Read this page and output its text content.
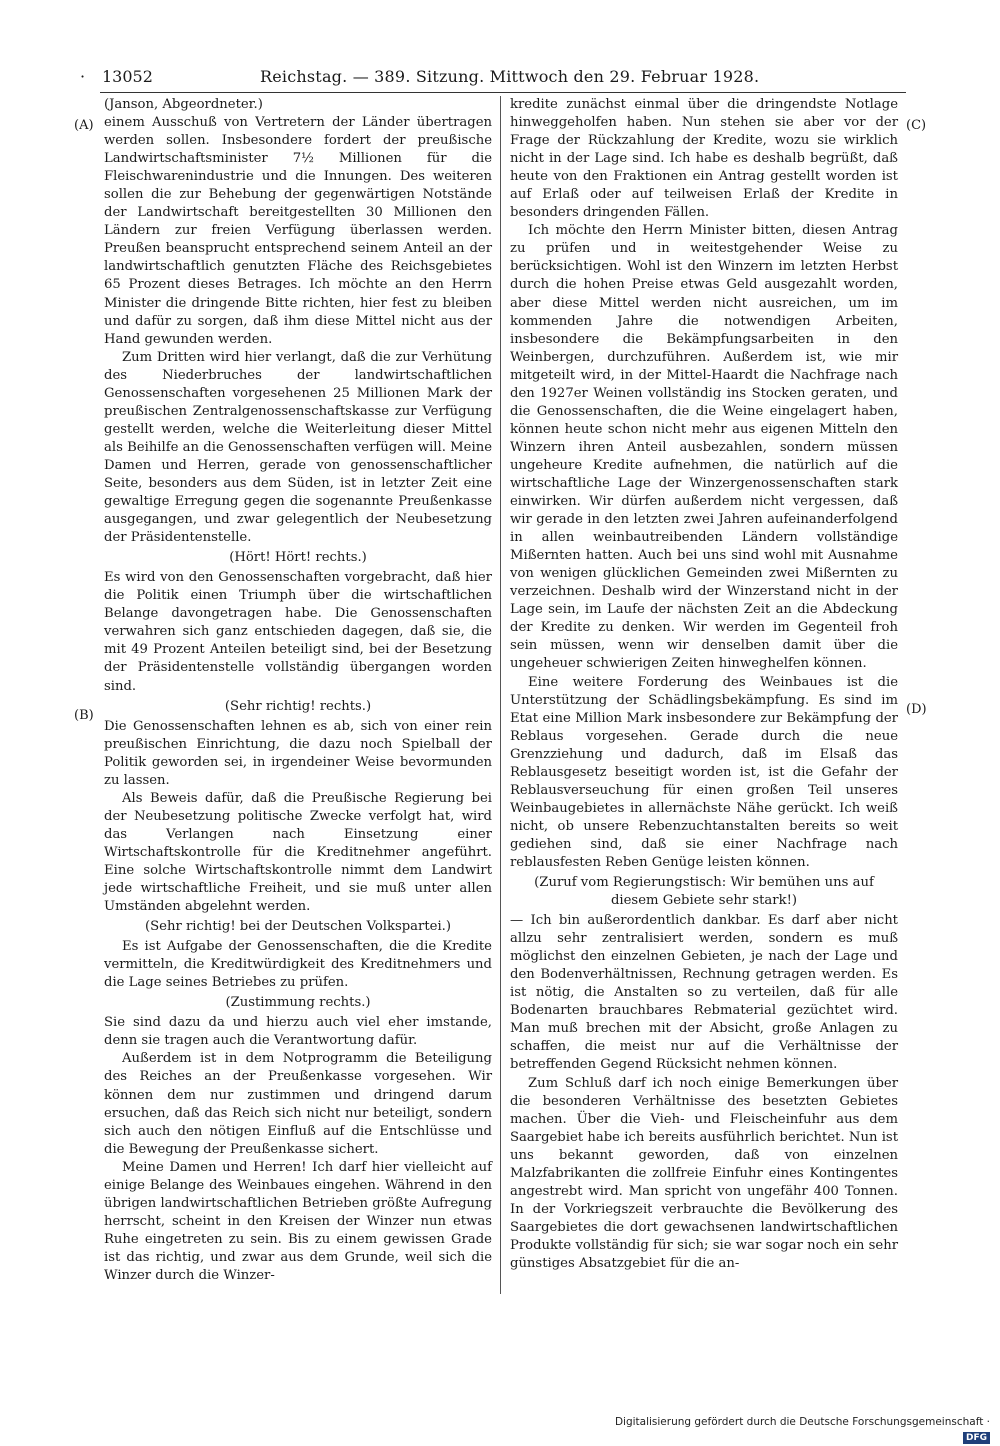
· 13052	Reichstag. — 389. Sitzung. Mittwoch den 29. Februar 1928.
(A)
(B)
(C)
(D)

(Janson, Abgeordneter.)

einem Ausschuß von Vertretern der Länder übertragen werden sollen. Insbesondere fordert der preußische Landwirtschaftsminister 7½ Millionen für die Fleischwarenindustrie und die Innungen. Des weiteren sollen die zur Behebung der gegenwärtigen Notstände der Landwirtschaft bereitgestellten 30 Millionen den Ländern zur freien Verfügung überlassen werden. Preußen beansprucht entsprechend seinem Anteil an der landwirtschaftlich genutzten Fläche des Reichsgebietes 65 Prozent dieses Betrages. Ich möchte an den Herrn Minister die dringende Bitte richten, hier fest zu bleiben und dafür zu sorgen, daß ihm diese Mittel nicht aus der Hand gewunden werden.

Zum Dritten wird hier verlangt, daß die zur Verhütung des Niederbruches der landwirtschaftlichen Genossenschaften vorgesehenen 25 Millionen Mark der preußischen Zentralgenossenschaftskasse zur Verfügung gestellt werden, welche die Weiterleitung dieser Mittel als Beihilfe an die Genossenschaften verfügen will. Meine Damen und Herren, gerade von genossenschaftlicher Seite, besonders aus dem Süden, ist in letzter Zeit eine gewaltige Erregung gegen die sogenannte Preußenkasse ausgegangen, und zwar gelegentlich der Neubesetzung der Präsidentenstelle.

(Hört! Hört! rechts.)

Es wird von den Genossenschaften vorgebracht, daß hier die Politik einen Triumph über die wirtschaftlichen Belange davongetragen habe. Die Genossenschaften verwahren sich ganz entschieden dagegen, daß sie, die mit 49 Prozent Anteilen beteiligt sind, bei der Besetzung der Präsidentenstelle vollständig übergangen worden sind.

(Sehr richtig! rechts.)

Die Genossenschaften lehnen es ab, sich von einer rein preußischen Einrichtung, die dazu noch Spielball der Politik geworden sei, in irgendeiner Weise bevormunden zu lassen.

Als Beweis dafür, daß die Preußische Regierung bei der Neubesetzung politische Zwecke verfolgt hat, wird das Verlangen nach Einsetzung einer Wirtschaftskontrolle für die Kreditnehmer angeführt. Eine solche Wirtschaftskontrolle nimmt dem Landwirt jede wirtschaftliche Freiheit, und sie muß unter allen Umständen abgelehnt werden.

(Sehr richtig! bei der Deutschen Volkspartei.)

Es ist Aufgabe der Genossenschaften, die die Kredite vermitteln, die Kreditwürdigkeit des Kreditnehmers und die Lage seines Betriebes zu prüfen.

(Zustimmung rechts.)

Sie sind dazu da und hierzu auch viel eher imstande, denn sie tragen auch die Verantwortung dafür.

Außerdem ist in dem Notprogramm die Beteiligung des Reiches an der Preußenkasse vorgesehen. Wir können dem nur zustimmen und dringend darum ersuchen, daß das Reich sich nicht nur beteiligt, sondern sich auch den nötigen Einfluß auf die Entschlüsse und die Bewegung der Preußenkasse sichert.

Meine Damen und Herren! Ich darf hier vielleicht auf einige Belange des Weinbaues eingehen. Während in den übrigen landwirtschaftlichen Betrieben größte Aufregung herrscht, scheint in den Kreisen der Winzer nun etwas Ruhe eingetreten zu sein. Bis zu einem gewissen Grade ist das richtig, und zwar aus dem Grunde, weil sich die Winzer durch die Winzer-

kredite zunächst einmal über die dringendste Notlage hinweggeholfen haben. Nun stehen sie aber vor der Frage der Rückzahlung der Kredite, wozu sie wirklich nicht in der Lage sind. Ich habe es deshalb begrüßt, daß heute von den Fraktionen ein Antrag gestellt worden ist auf Erlaß oder auf teilweisen Erlaß der Kredite in besonders dringenden Fällen.

Ich möchte den Herrn Minister bitten, diesen Antrag zu prüfen und in weitestgehender Weise zu berücksichtigen. Wohl ist den Winzern im letzten Herbst durch die hohen Preise etwas Geld ausgezahlt worden, aber diese Mittel werden nicht ausreichen, um im kommenden Jahre die notwendigen Arbeiten, insbesondere die Bekämpfungsarbeiten in den Weinbergen, durchzuführen. Außerdem ist, wie mir mitgeteilt wird, in der Mittel-Haardt die Nachfrage nach den 1927er Weinen vollständig ins Stocken geraten, und die Genossenschaften, die die Weine eingelagert haben, können heute schon nicht mehr aus eigenen Mitteln den Winzern ihren Anteil ausbezahlen, sondern müssen ungeheure Kredite aufnehmen, die natürlich auf die wirtschaftliche Lage der Winzergenossenschaften stark einwirken. Wir dürfen außerdem nicht vergessen, daß wir gerade in den letzten zwei Jahren aufeinanderfolgend in allen weinbautreibenden Ländern vollständige Mißernten hatten. Auch bei uns sind wohl mit Ausnahme von wenigen glücklichen Gemeinden zwei Mißernten zu verzeichnen. Deshalb wird der Winzerstand nicht in der Lage sein, im Laufe der nächsten Zeit an die Abdeckung der Kredite zu denken. Wir werden im Gegenteil froh sein müssen, wenn wir denselben damit über die ungeheuer schwierigen Zeiten hinweghelfen können.

Eine weitere Forderung des Weinbaues ist die Unterstützung der Schädlingsbekämpfung. Es sind im Etat eine Million Mark insbesondere zur Bekämpfung der Reblaus vorgesehen. Gerade durch die neue Grenzziehung und dadurch, daß im Elsaß das Reblausgesetz beseitigt worden ist, ist die Gefahr der Reblausverseuchung für einen großen Teil unseres Weinbaugebietes in allernächste Nähe gerückt. Ich weiß nicht, ob unsere Rebenzuchtanstalten bereits so weit gediehen sind, daß sie einer Nachfrage nach reblausfesten Reben Genüge leisten können.

(Zuruf vom Regierungstisch: Wir bemühen uns auf diesem Gebiete sehr stark!)

— Ich bin außerordentlich dankbar. Es darf aber nicht allzu sehr zentralisiert werden, sondern es muß möglichst den einzelnen Gebieten, je nach der Lage und den Bodenverhältnissen, Rechnung getragen werden. Es ist nötig, die Anstalten so zu verteilen, daß für alle Bodenarten brauchbares Rebmaterial gezüchtet wird. Man muß brechen mit der Absicht, große Anlagen zu schaffen, die meist nur auf die Verhältnisse der betreffenden Gegend Rücksicht nehmen können.

Zum Schluß darf ich noch einige Bemerkungen über die besonderen Verhältnisse des besetzten Gebietes machen. Über die Vieh- und Fleischeinfuhr aus dem Saargebiet habe ich bereits ausführlich berichtet. Nun ist uns bekannt geworden, daß von einzelnen Malzfabrikanten die zollfreie Einfuhr eines Kontingentes angestrebt wird. Man spricht von ungefähr 400 Tonnen. In der Vorkriegszeit verbrauchte die Bevölkerung des Saargebietes die dort gewachsenen landwirtschaftlichen Produkte vollständig für sich; sie war sogar noch ein sehr günstiges Absatzgebiet für die an-

Digitalisierung gefördert durch die Deutsche Forschungsgemeinschaft ·DFG
